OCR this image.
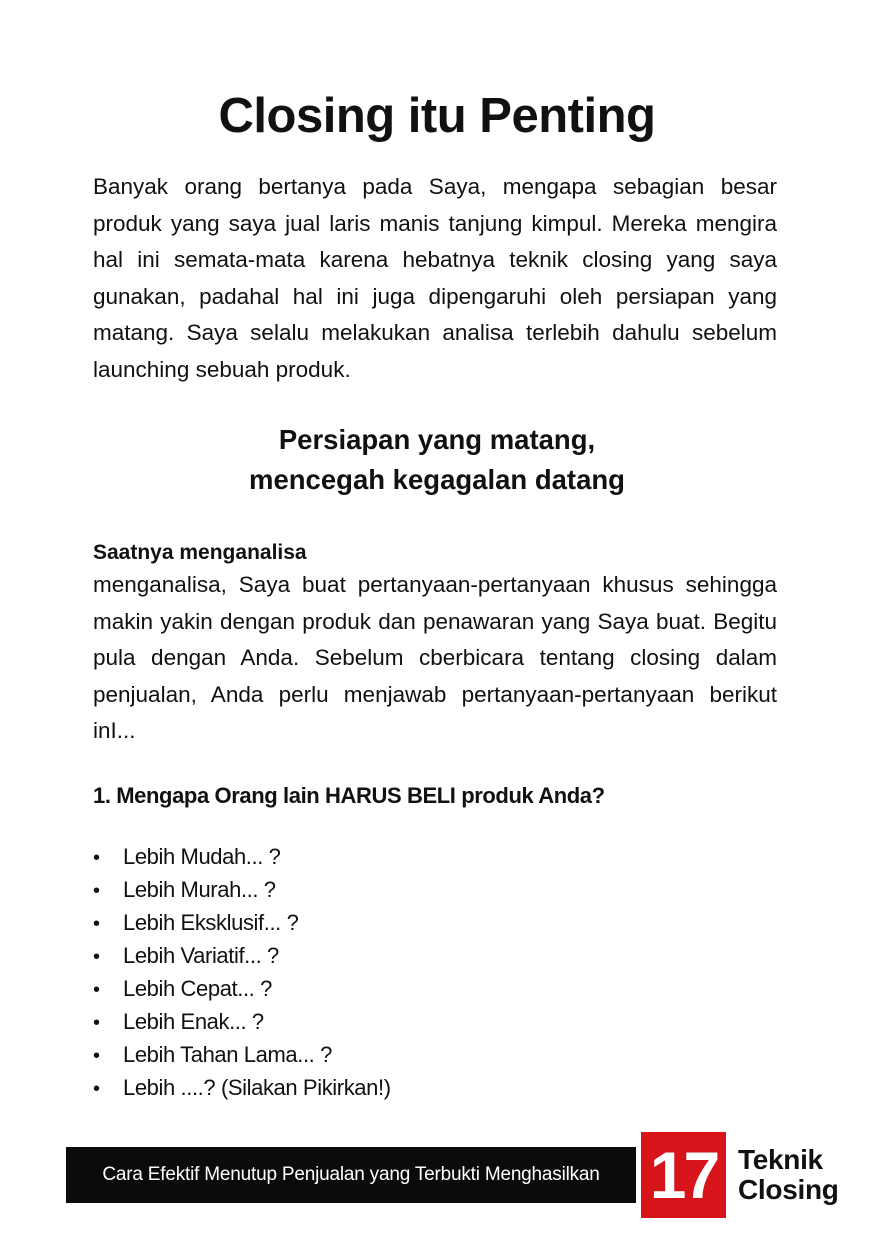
Closing itu Penting

Banyak orang bertanya pada Saya, mengapa sebagian besar produk yang saya jual laris manis tanjung kimpul. Mereka mengira hal ini semata-mata karena hebatnya teknik closing yang saya gunakan, padahal hal ini juga dipengaruhi oleh persiapan yang matang. Saya selalu melakukan analisa terlebih dahulu sebelum launching sebuah produk.

Persiapan yang matang,
mencegah kegagalan datang
Saatnya menganalisa

menganalisa, Saya buat pertanyaan-pertanyaan khusus sehingga makin yakin dengan produk dan penawaran yang Saya buat. Begitu pula dengan Anda. Sebelum cberbicara tentang closing dalam penjualan, Anda perlu menjawab pertanyaan-pertanyaan berikut inI...

1. Mengapa Orang lain HARUS BELI produk Anda?

•	Lebih Mudah... ?
•	Lebih Murah... ?
•	Lebih Eksklusif... ?
•	Lebih Variatif... ?
•	Lebih Cepat... ?
•	Lebih Enak... ?
•	Lebih Tahan Lama... ?
•	Lebih ....? (Silakan Pikirkan!)
Cara Efektif Menutup Penjualan yang Terbukti Menghasilkan 17 Teknik
Closing
